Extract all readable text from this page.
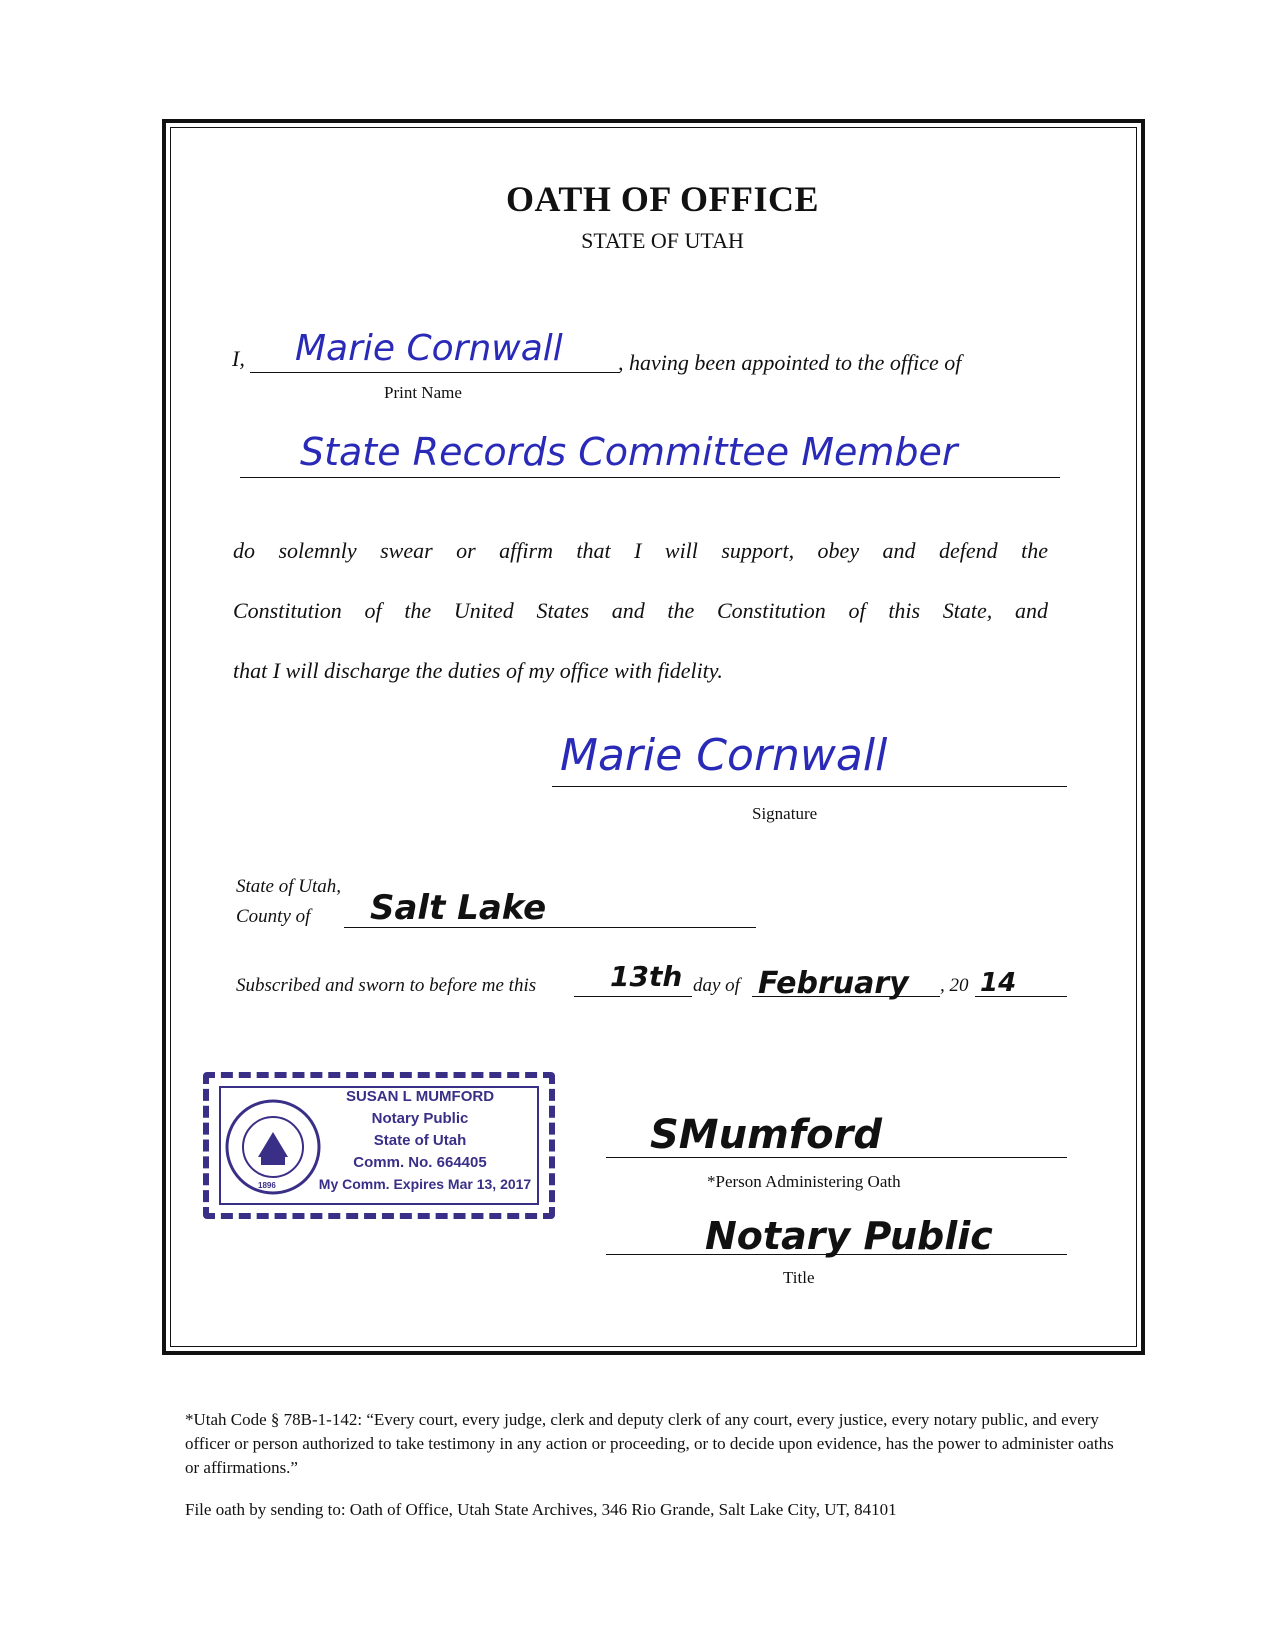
OATH OF OFFICE
STATE OF UTAH
I, Marie Cornwall	, having been appointed to the office of
Print Name
State Records Committee Member
do solemnly swear or affirm that I will support, obey and defend the
Constitution of the United States and the Constitution of this State, and
that I will discharge the duties of my office with fidelity.
Marie Cornwall
Signature
State of Utah,
County of Salt Lake
Subscribed and sworn to before me this	13th day of February , 20 14
1896
SUSAN L MUMFORD
Notary Public
State of Utah
Comm. No. 664405
My Comm. Expires Mar 13, 2017
SMumford
*Person Administering Oath
Notary Public
Title
*Utah Code § 78B-1-142: “Every court, every judge, clerk and deputy clerk of any court, every justice, every notary public, and every officer or person authorized to take testimony in any action or proceeding, or to decide upon evidence, has the power to administer oaths or affirmations.”
File oath by sending to: Oath of Office, Utah State Archives, 346 Rio Grande, Salt Lake City, UT, 84101
